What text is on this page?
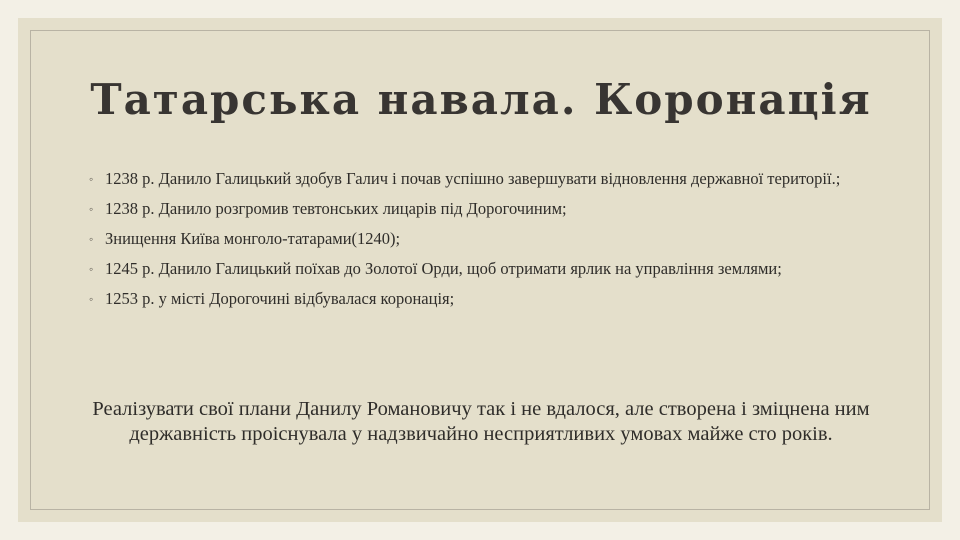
Татарська навала. Коронація
◦ 1238 р. Данило Галицький здобув Галич і почав успішно завершувати відновлення державної території.;
◦ 1238 р. Данило розгромив тевтонських лицарів під Дорогочиним;
◦ Знищення Київа монголо-татарами(1240);
◦ 1245 р. Данило Галицький поїхав до Золотої Орди, щоб отримати ярлик на управління землями;
◦ 1253 р. у місті Дорогочині відбувалася коронація;

Реалізувати свої плани Данилу Романовичу так і не вдалося, але створена і зміцнена ним державність проіснувала у надзвичайно несприятливих умовах майже сто років.
